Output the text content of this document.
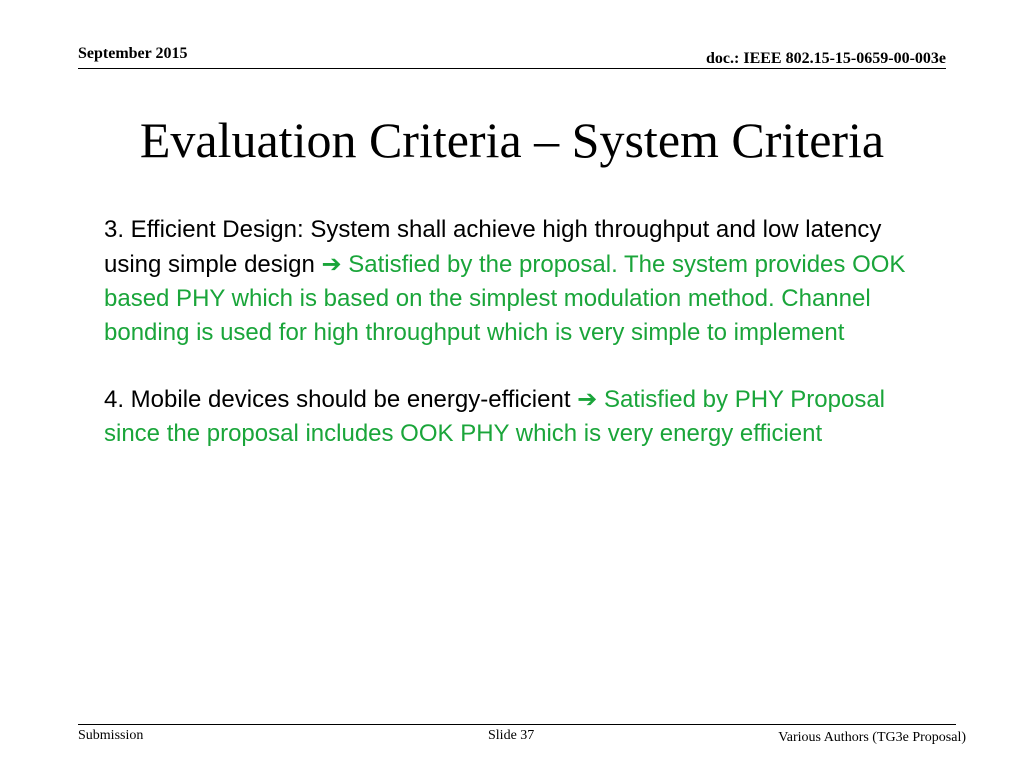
September 2015	doc.: IEEE 802.15-15-0659-00-003e
Evaluation Criteria – System Criteria

3. Efficient Design: System shall achieve high throughput and low latency using simple design ➔ Satisfied by the proposal. The system provides OOK based PHY which is based on the simplest modulation method. Channel bonding is used for high throughput which is very simple to implement

4. Mobile devices should be energy-efficient ➔ Satisfied by PHY Proposal since the proposal includes OOK PHY which is very energy efficient

Submission	Slide 37	Various Authors (TG3e Proposal)
